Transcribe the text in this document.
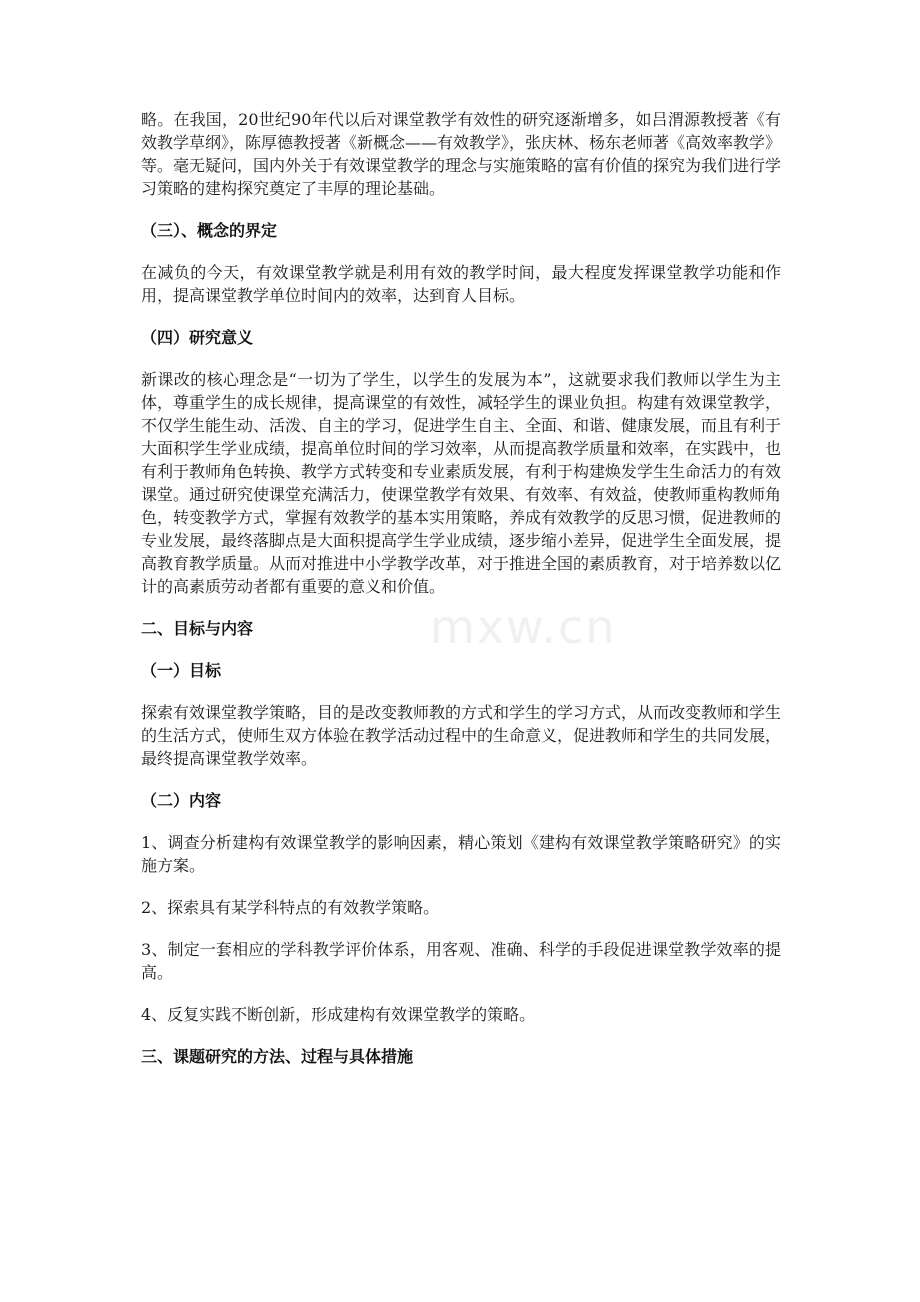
略。在我国，20世纪90年代以后对课堂教学有效性的研究逐渐增多，如吕渭源教授著《有效教学草纲》，陈厚德教授著《新概念——有效教学》，张庆林、杨东老师著《高效率教学》等。毫无疑问，国内外关于有效课堂教学的理念与实施策略的富有价值的探究为我们进行学习策略的建构探究奠定了丰厚的理论基础。

（三）、概念的界定

在减负的今天，有效课堂教学就是利用有效的教学时间，最大程度发挥课堂教学功能和作用，提高课堂教学单位时间内的效率，达到育人目标。

（四）研究意义

新课改的核心理念是“一切为了学生，以学生的发展为本”，这就要求我们教师以学生为主体，尊重学生的成长规律，提高课堂的有效性，减轻学生的课业负担。构建有效课堂教学，不仅学生能生动、活泼、自主的学习，促进学生自主、全面、和谐、健康发展，而且有利于大面积学生学业成绩，提高单位时间的学习效率，从而提高教学质量和效率，在实践中，也有利于教师角色转换、教学方式转变和专业素质发展，有利于构建焕发学生生命活力的有效课堂。通过研究使课堂充满活力，使课堂教学有效果、有效率、有效益，使教师重构教师角色，转变教学方式，掌握有效教学的基本实用策略，养成有效教学的反思习惯，促进教师的专业发展，最终落脚点是大面积提高学生学业成绩，逐步缩小差异，促进学生全面发展，提高教育教学质量。从而对推进中小学教学改革，对于推进全国的素质教育，对于培养数以亿计的高素质劳动者都有重要的意义和价值。

二、目标与内容
（一）目标

探索有效课堂教学策略，目的是改变教师教的方式和学生的学习方式，从而改变教师和学生的生活方式，使师生双方体验在教学活动过程中的生命意义，促进教师和学生的共同发展，最终提高课堂教学效率。

（二）内容

1、调查分析建构有效课堂教学的影响因素，精心策划《建构有效课堂教学策略研究》的实施方案。

2、探索具有某学科特点的有效教学策略。

3、制定一套相应的学科教学评价体系，用客观、准确、科学的手段促进课堂教学效率的提高。

4、反复实践不断创新，形成建构有效课堂教学的策略。

三、课题研究的方法、过程与具体措施
mxw.cn
